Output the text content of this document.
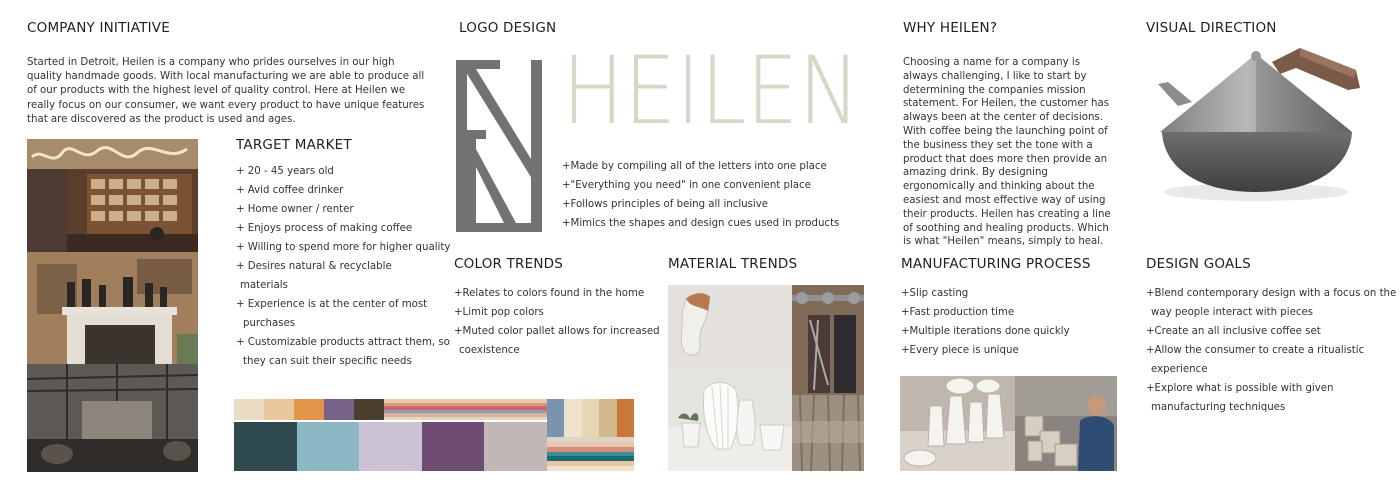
COMPANY INITIATIVE
Started in Detroit, Heilen is a company who prides ourselves in our high quality handmade goods. With local manufacturing we are able to produce all of our products with the highest level of quality control. Here at Heilen we really focus on our consumer, we want every product to have unique features that are discovered as the product is used and ages.
TARGET MARKET
+ 20 - 45 years old
+ Avid coffee drinker
+ Home owner / renter
+ Enjoys process of making coffee
+ Willing to spend more for higher quality
+ Desires natural & recyclable
materials
+ Experience is at the center of most
purchases
+ Customizable products attract them, so
they can suit their specific needs
LOGO DESIGN
HEILEN
+Made by compiling all of the letters into one place
+"Everything you need" in one convenient place
+Follows principles of being all inclusive
+Mimics the shapes and design cues used in products
COLOR TRENDS
+Relates to colors found in the home
+Limit pop colors
+Muted color pallet allows for increased
coexistence
MATERIAL TRENDS
WHY HEILEN?
Choosing a name for a company is always challenging, I like to start by determining the companies mission statement. For Heilen, the customer has always been at the center of decisions. With coffee being the launching point of the business they set the tone with a product that does more then provide an amazing drink. By designing ergonomically and thinking about the easiest and most effective way of using their products. Heilen has creating a line of soothing and healing products. Which is what "Heilen" means, simply to heal.
MANUFACTURING PROCESS
+Slip casting
+Fast production time
+Multiple iterations done quickly
+Every piece is unique
VISUAL DIRECTION
DESIGN GOALS
+Blend contemporary design with a focus on the
way people interact with pieces
+Create an all inclusive coffee set
+Allow the consumer to create a ritualistic
experience
+Explore what is possible with given
manufacturing techniques
